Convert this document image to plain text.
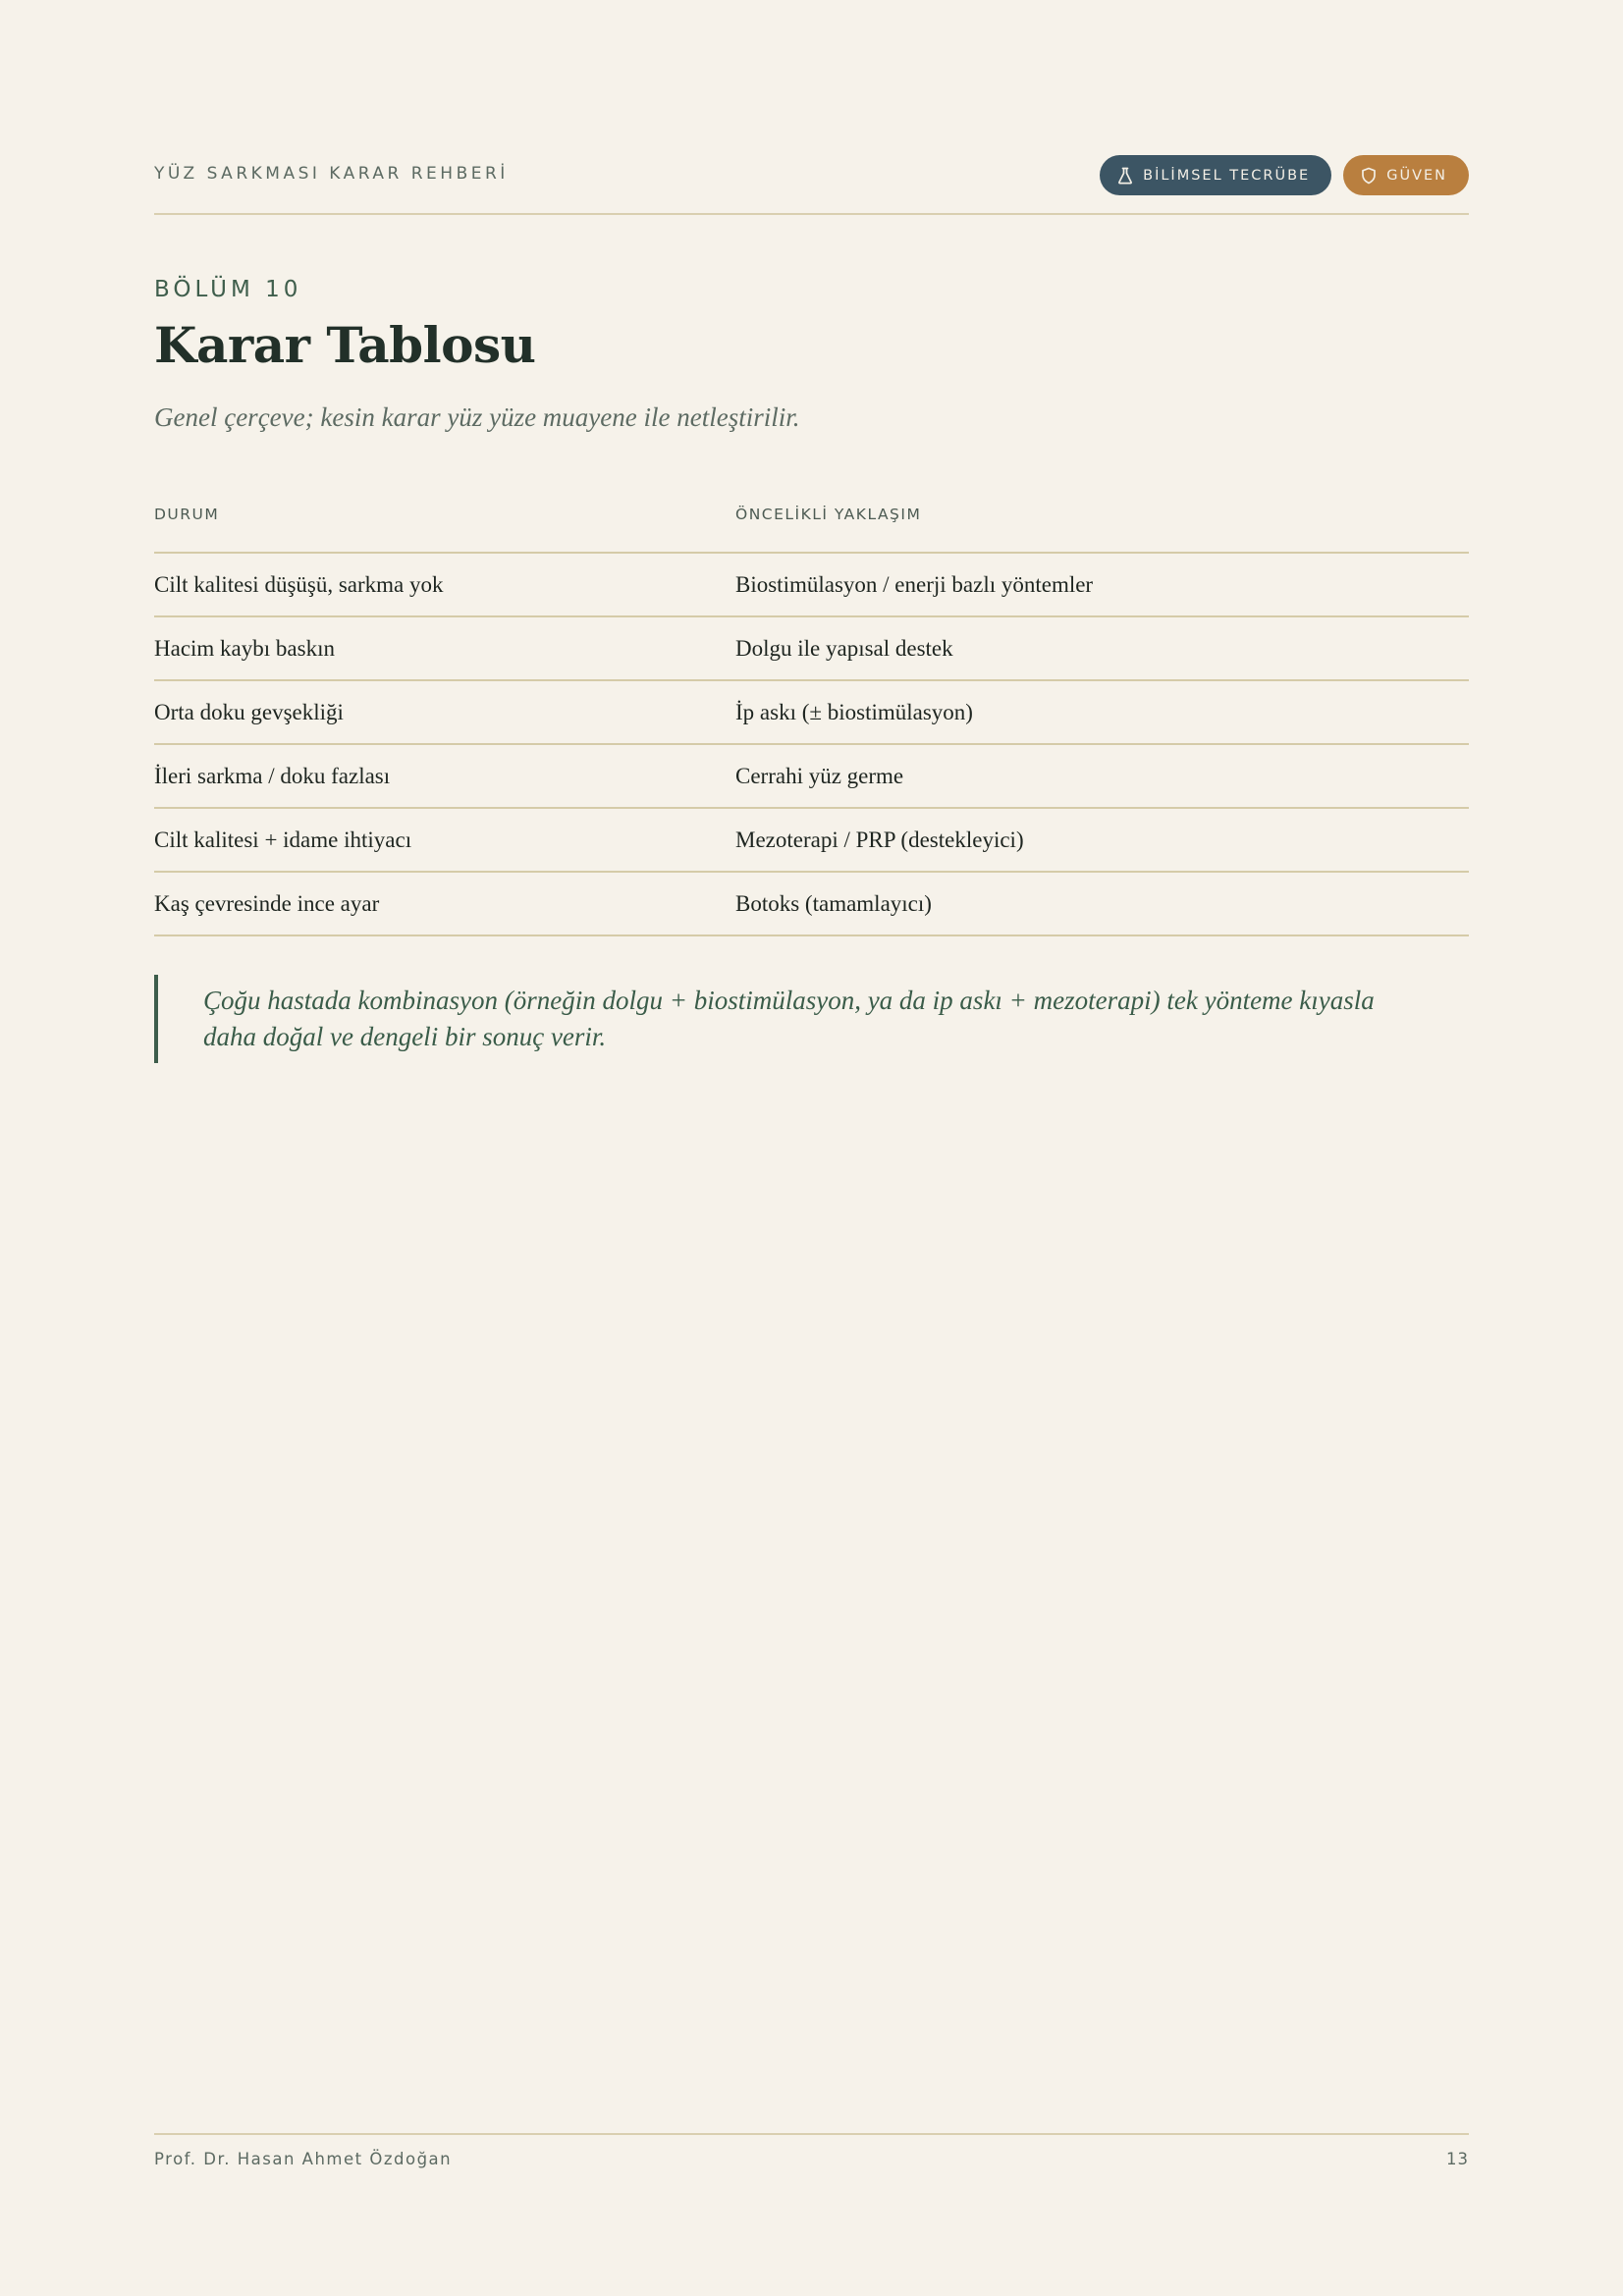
YÜZ SARKMASI KARAR REHBERİ	BİLİMSEL TECRÜBE	GÜVEN
BÖLÜM 10
Karar Tablosu
Genel çerçeve; kesin karar yüz yüze muayene ile netleştirilir.
DURUM	ÖNCELİKLİ YAKLAŞIM
Cilt kalitesi düşüşü, sarkma yok	Biostimülasyon / enerji bazlı yöntemler
Hacim kaybı baskın	Dolgu ile yapısal destek
Orta doku gevşekliği	İp askı (± biostimülasyon)
İleri sarkma / doku fazlası	Cerrahi yüz germe
Cilt kalitesi + idame ihtiyacı	Mezoterapi / PRP (destekleyici)
Kaş çevresinde ince ayar	Botoks (tamamlayıcı)
Çoğu hastada kombinasyon (örneğin dolgu + biostimülasyon, ya da ip askı + mezoterapi) tek yönteme kıyasla daha doğal ve dengeli bir sonuç verir.
Prof. Dr. Hasan Ahmet Özdoğan	13
